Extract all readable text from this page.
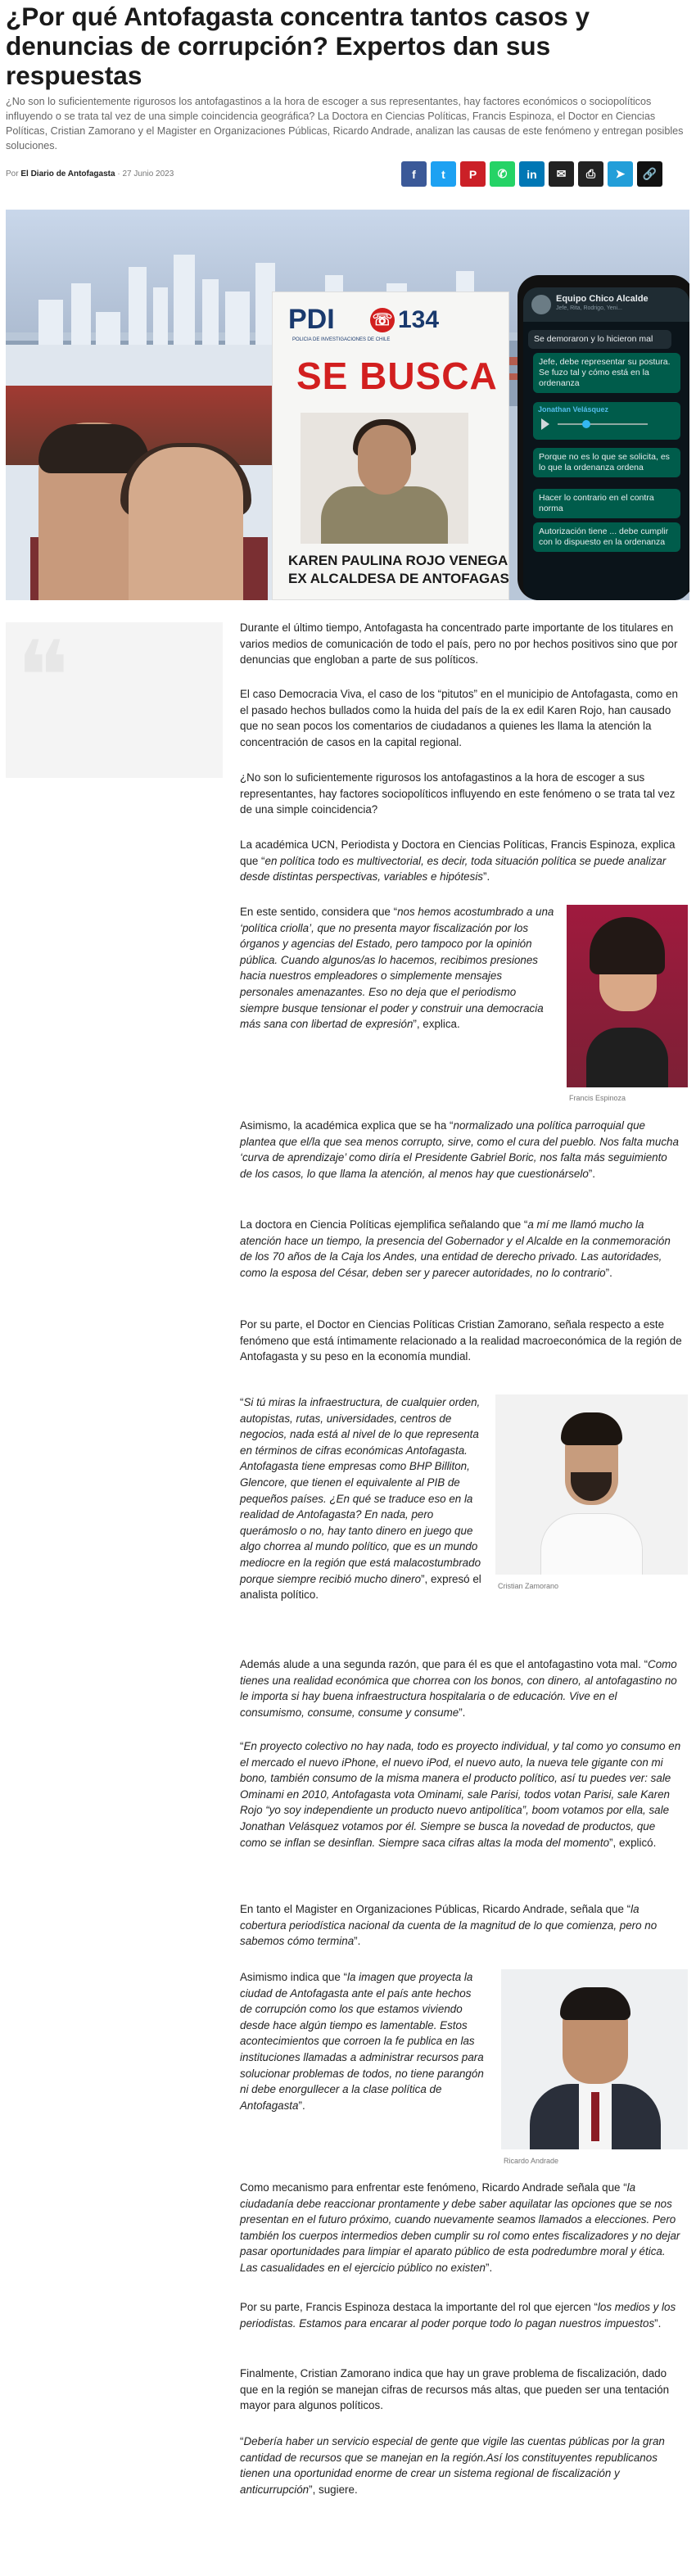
¿Por qué Antofagasta concentra tantos casos y denuncias de corrupción? Expertos dan sus respuestas

¿No son lo suficientemente rigurosos los antofagastinos a la hora de escoger a sus representantes, hay factores económicos o sociopolíticos influyendo o se trata tal vez de una simple coincidencia geográfica? La Doctora en Ciencias Políticas, Francis Espinoza, el Doctor en Ciencias Políticas, Cristian Zamorano y el Magister en Organizaciones Públicas, Ricardo Andrade, analizan las causas de este fenómeno y entregan posibles soluciones.

Por El Diario de Antofagasta · 27 Junio 2023	f t P ✆ in ✉ ⎙ ➤ 🔗
PDI ☏ 134
POLICIA DE INVESTIGACIONES DE CHILE
SE BUSCA
KAREN PAULINA ROJO VENEGA
EX ALCALDESA DE ANTOFAGAS
Equipo Chico Alcalde
Jefe, Rita, Rodrigo, Yeni...
Se demoraron y lo hicieron mal
Jefe, debe representar su postura. Se fuzo tal y cómo está en la ordenanza
Jonathan Velásquez
Porque no es lo que se solicita, es lo que la ordenanza ordena
Hacer lo contrario en el contra norma
Autorización tiene ... debe cumplir con lo dispuesto en la ordenanza
❝	Durante el último tiempo, Antofagasta ha concentrado parte importante de los titulares en varios medios de comunicación de todo el país, pero no por hechos positivos sino que por denuncias que engloban a parte de sus políticos.

El caso Democracia Viva, el caso de los “pitutos” en el municipio de Antofagasta, como en el pasado hechos bullados como la huida del país de la ex edil Karen Rojo, han causado que no sean pocos los comentarios de ciudadanos a quienes les llama la atención la concentración de casos en la capital regional.

¿No son lo suficientemente rigurosos los antofagastinos a la hora de escoger a sus representantes, hay factores sociopolíticos influyendo en este fenómeno o se trata tal vez de una simple coincidencia?

La académica UCN, Periodista y Doctora en Ciencias Políticas, Francis Espinoza, explica que “en política todo es multivectorial, es decir, toda situación política se puede analizar desde distintas perspectivas, variables e hipótesis”.

En este sentido, considera que “nos hemos acostumbrado a una ‘política criolla’, que no presenta mayor fiscalización por los órganos y agencias del Estado, pero tampoco por la opinión pública. Cuando algunos/as lo hacemos, recibimos presiones hacia nuestros empleadores o simplemente mensajes personales amenazantes. Eso no deja que el periodismo siempre busque tensionar el poder y construir una democracia más sana con libertad de expresión”, explica.

Francis Espinoza

Asimismo, la académica explica que se ha “normalizado una política parroquial que plantea que el/la que sea menos corrupto, sirve, como el cura del pueblo. Nos falta mucha ‘curva de aprendizaje’ como diría el Presidente Gabriel Boric, nos falta más seguimiento de los casos, lo que llama la atención, al menos hay que cuestionárselo”.

La doctora en Ciencia Políticas ejemplifica señalando que “a mí me llamó mucho la atención hace un tiempo, la presencia del Gobernador y el Alcalde en la conmemoración de los 70 años de la Caja los Andes, una entidad de derecho privado. Las autoridades, como la esposa del César, deben ser y parecer autoridades, no lo contrario”.

Por su parte, el Doctor en Ciencias Políticas Cristian Zamorano, señala respecto a este fenómeno que está íntimamente relacionado a la realidad macroeconómica de la región de Antofagasta y su peso en la economía mundial.

“Si tú miras la infraestructura, de cualquier orden, autopistas, rutas, universidades, centros de negocios, nada está al nivel de lo que representa en términos de cifras económicas Antofagasta. Antofagasta tiene empresas como BHP Billiton, Glencore, que tienen el equivalente al PIB de pequeños países. ¿En qué se traduce eso en la realidad de Antofagasta? En nada, pero querámoslo o no, hay tanto dinero en juego que algo chorrea al mundo político, que es un mundo mediocre en la región que está malacostumbrado porque siempre recibió mucho dinero”, expresó el analista político.

Cristian Zamorano

Además alude a una segunda razón, que para él es que el antofagastino vota mal. “Como tienes una realidad económica que chorrea con los bonos, con dinero, al antofagastino no le importa si hay buena infraestructura hospitalaria o de educación. Vive en el consumismo, consume, consume y consume”.

“En proyecto colectivo no hay nada, todo es proyecto individual, y tal como yo consumo en el mercado el nuevo iPhone, el nuevo iPod, el nuevo auto, la nueva tele gigante con mi bono, también consumo de la misma manera el producto político, así tu puedes ver: sale Ominami en 2010, Antofagasta vota Ominami, sale Parisi, todos votan Parisi, sale Karen Rojo “yo soy independiente un producto nuevo antipolítica”, boom votamos por ella, sale Jonathan Velásquez votamos por él. Siempre se busca la novedad de productos, que como se inflan se desinflan. Siempre saca cifras altas la moda del momento”, explicó.

En tanto el Magister en Organizaciones Públicas, Ricardo Andrade, señala que “la cobertura periodística nacional da cuenta de la magnitud de lo que comienza, pero no sabemos cómo termina”.

Asimismo indica que “la imagen que proyecta la ciudad de Antofagasta ante el país ante hechos de corrupción como los que estamos viviendo desde hace algún tiempo es lamentable. Estos acontecimientos que corroen la fe publica en las instituciones llamadas a administrar recursos para solucionar problemas de todos, no tiene parangón ni debe enorgullecer a la clase política de Antofagasta”.

Ricardo Andrade

Como mecanismo para enfrentar este fenómeno, Ricardo Andrade señala que “la ciudadanía debe reaccionar prontamente y debe saber aquilatar las opciones que se nos presentan en el futuro próximo, cuando nuevamente seamos llamados a elecciones. Pero también los cuerpos intermedios deben cumplir su rol como entes fiscalizadores y no dejar pasar oportunidades para limpiar el aparato público de esta podredumbre moral y ética. Las casualidades en el ejercicio público no existen”.

Por su parte, Francis Espinoza destaca la importante del rol que ejercen “los medios y los periodistas. Estamos para encarar al poder porque todo lo pagan nuestros impuestos”.

Finalmente, Cristian Zamorano indica que hay un grave problema de fiscalización, dado que en la región se manejan cifras de recursos más altas, que pueden ser una tentación mayor para algunos políticos.

“Debería haber un servicio especial de gente que vigile las cuentas públicas por la gran cantidad de recursos que se manejan en la región.Así los constituyentes republicanos tienen una oportunidad enorme de crear un sistema regional de fiscalización y anticurrupción”, sugiere.
